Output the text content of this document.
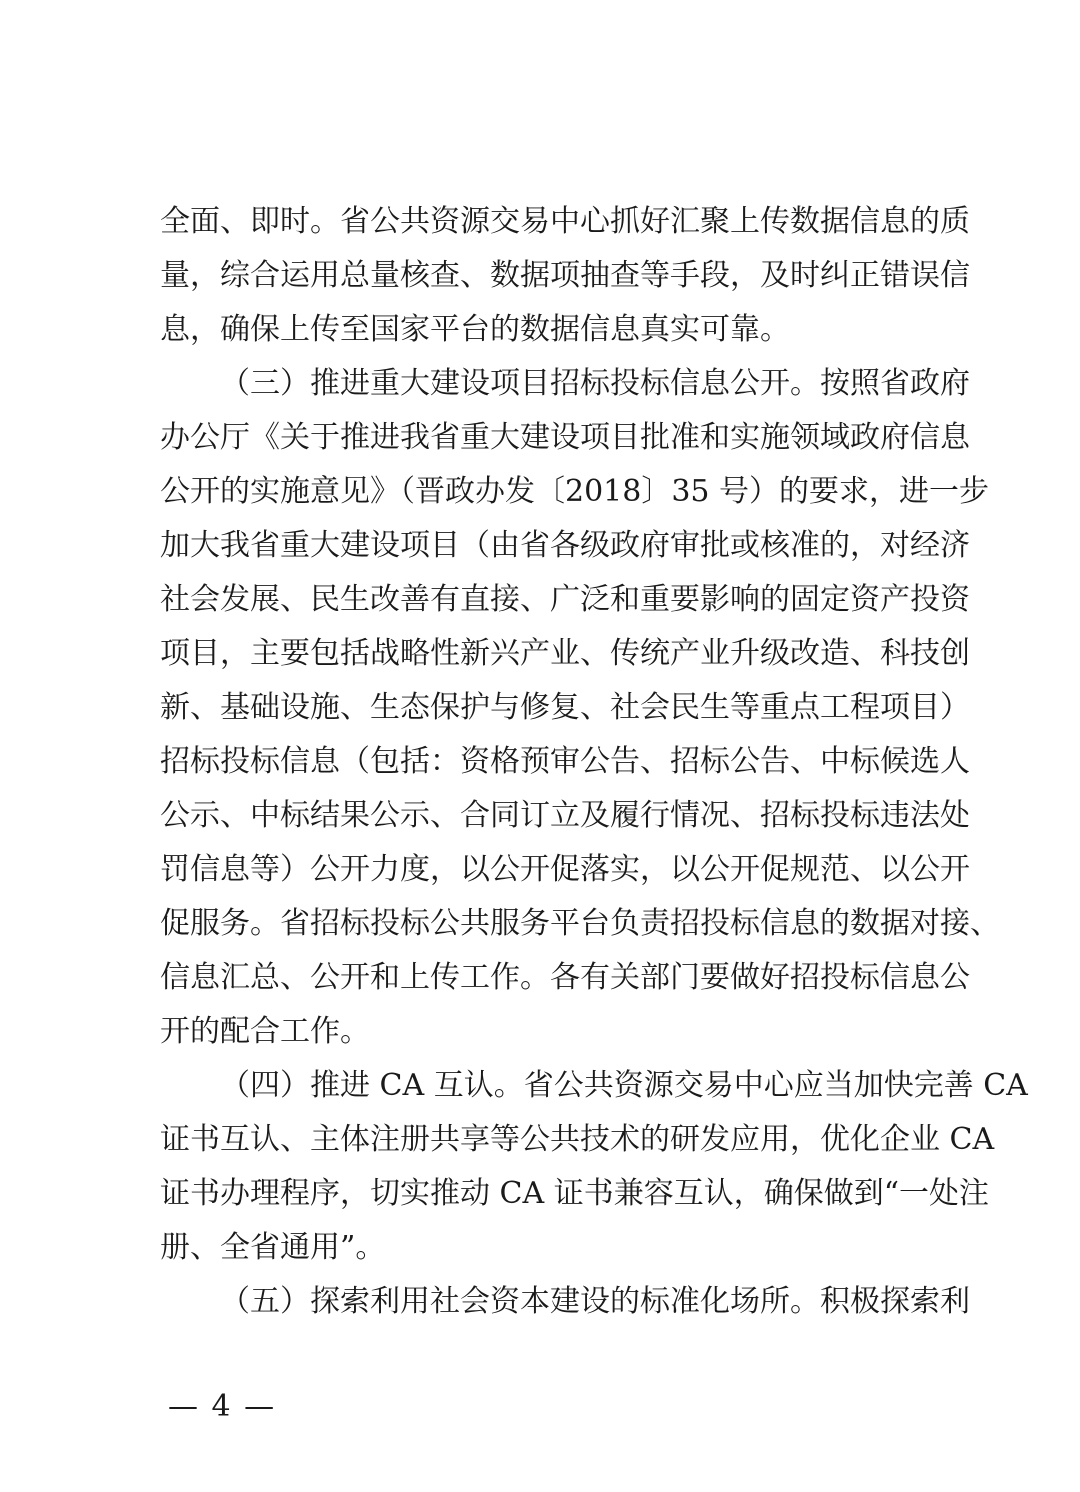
全面、即时。省公共资源交易中心抓好汇聚上传数据信息的质
量，综合运用总量核查、数据项抽查等手段，及时纠正错误信
息，确保上传至国家平台的数据信息真实可靠。
（三）推进重大建设项目招标投标信息公开。按照省政府
办公厅《关于推进我省重大建设项目批准和实施领域政府信息
公开的实施意见》（晋政办发〔2018〕35 号）的要求，进一步
加大我省重大建设项目（由省各级政府审批或核准的，对经济
社会发展、民生改善有直接、广泛和重要影响的固定资产投资
项目，主要包括战略性新兴产业、传统产业升级改造、科技创
新、基础设施、生态保护与修复、社会民生等重点工程项目）
招标投标信息（包括：资格预审公告、招标公告、中标候选人
公示、中标结果公示、合同订立及履行情况、招标投标违法处
罚信息等）公开力度，以公开促落实，以公开促规范、以公开
促服务。省招标投标公共服务平台负责招投标信息的数据对接、
信息汇总、公开和上传工作。各有关部门要做好招投标信息公
开的配合工作。
（四）推进 CA 互认。省公共资源交易中心应当加快完善 CA
证书互认、主体注册共享等公共技术的研发应用，优化企业 CA
证书办理程序，切实推动 CA 证书兼容互认，确保做到“一处注
册、全省通用”。
（五）探索利用社会资本建设的标准化场所。积极探索利
— 4 —
